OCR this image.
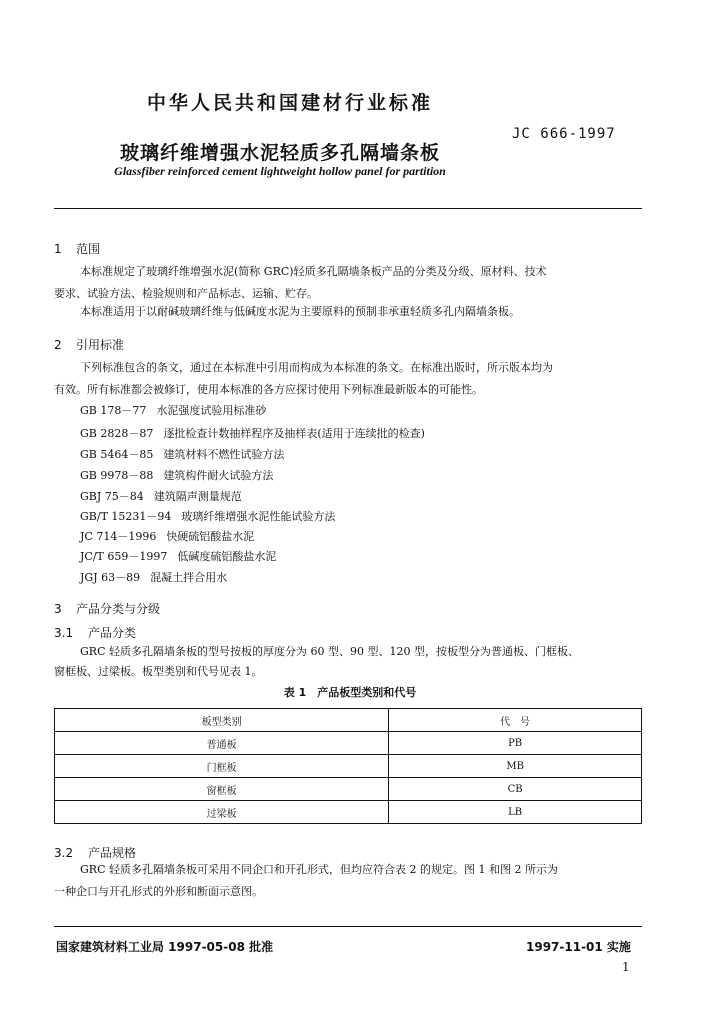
中华人民共和国建材行业标准
JC 666-1997
玻璃纤维增强水泥轻质多孔隔墙条板
Glassfiber reinforced cement lightweight hollow panel for partition
1 范围
本标准规定了玻璃纤维增强水泥(简称 GRC)轻质多孔隔墙条板产品的分类及分级、原材料、技术
要求、试验方法、检验规则和产品标志、运输、贮存。
本标准适用于以耐碱玻璃纤维与低碱度水泥为主要原料的预制非承重轻质多孔内隔墙条板。
2 引用标准
下列标准包含的条文，通过在本标准中引用而构成为本标准的条文。在标准出版时，所示版本均为
有效。所有标准都会被修订，使用本标准的各方应探讨使用下列标准最新版本的可能性。
GB 178－77 水泥强度试验用标准砂
GB 2828－87 逐批检查计数抽样程序及抽样表(适用于连续批的检查)
GB 5464－85 建筑材料不燃性试验方法
GB 9978－88 建筑构件耐火试验方法
GBJ 75－84 建筑隔声测量规范
GB/T 15231－94 玻璃纤维增强水泥性能试验方法
JC 714－1996 快硬硫铝酸盐水泥
JC/T 659－1997 低碱度硫铝酸盐水泥
JGJ 63－89 混凝土拌合用水
3 产品分类与分级
3.1 产品分类
GRC 轻质多孔隔墙条板的型号按板的厚度分为 60 型、90 型、120 型，按板型分为普通板、门框板、
窗框板、过梁板。板型类别和代号见表 1。
表 1　产品板型类别和代号
板型类别	代　号
普通板	PB
门框板	MB
窗框板	CB
过梁板	LB
3.2 产品规格
GRC 轻质多孔隔墙条板可采用不同企口和开孔形式，但均应符合表 2 的规定。图 1 和图 2 所示为
一种企口与开孔形式的外形和断面示意图。
国家建筑材料工业局 1997-05-08 批准	1997-11-01 实施
1
